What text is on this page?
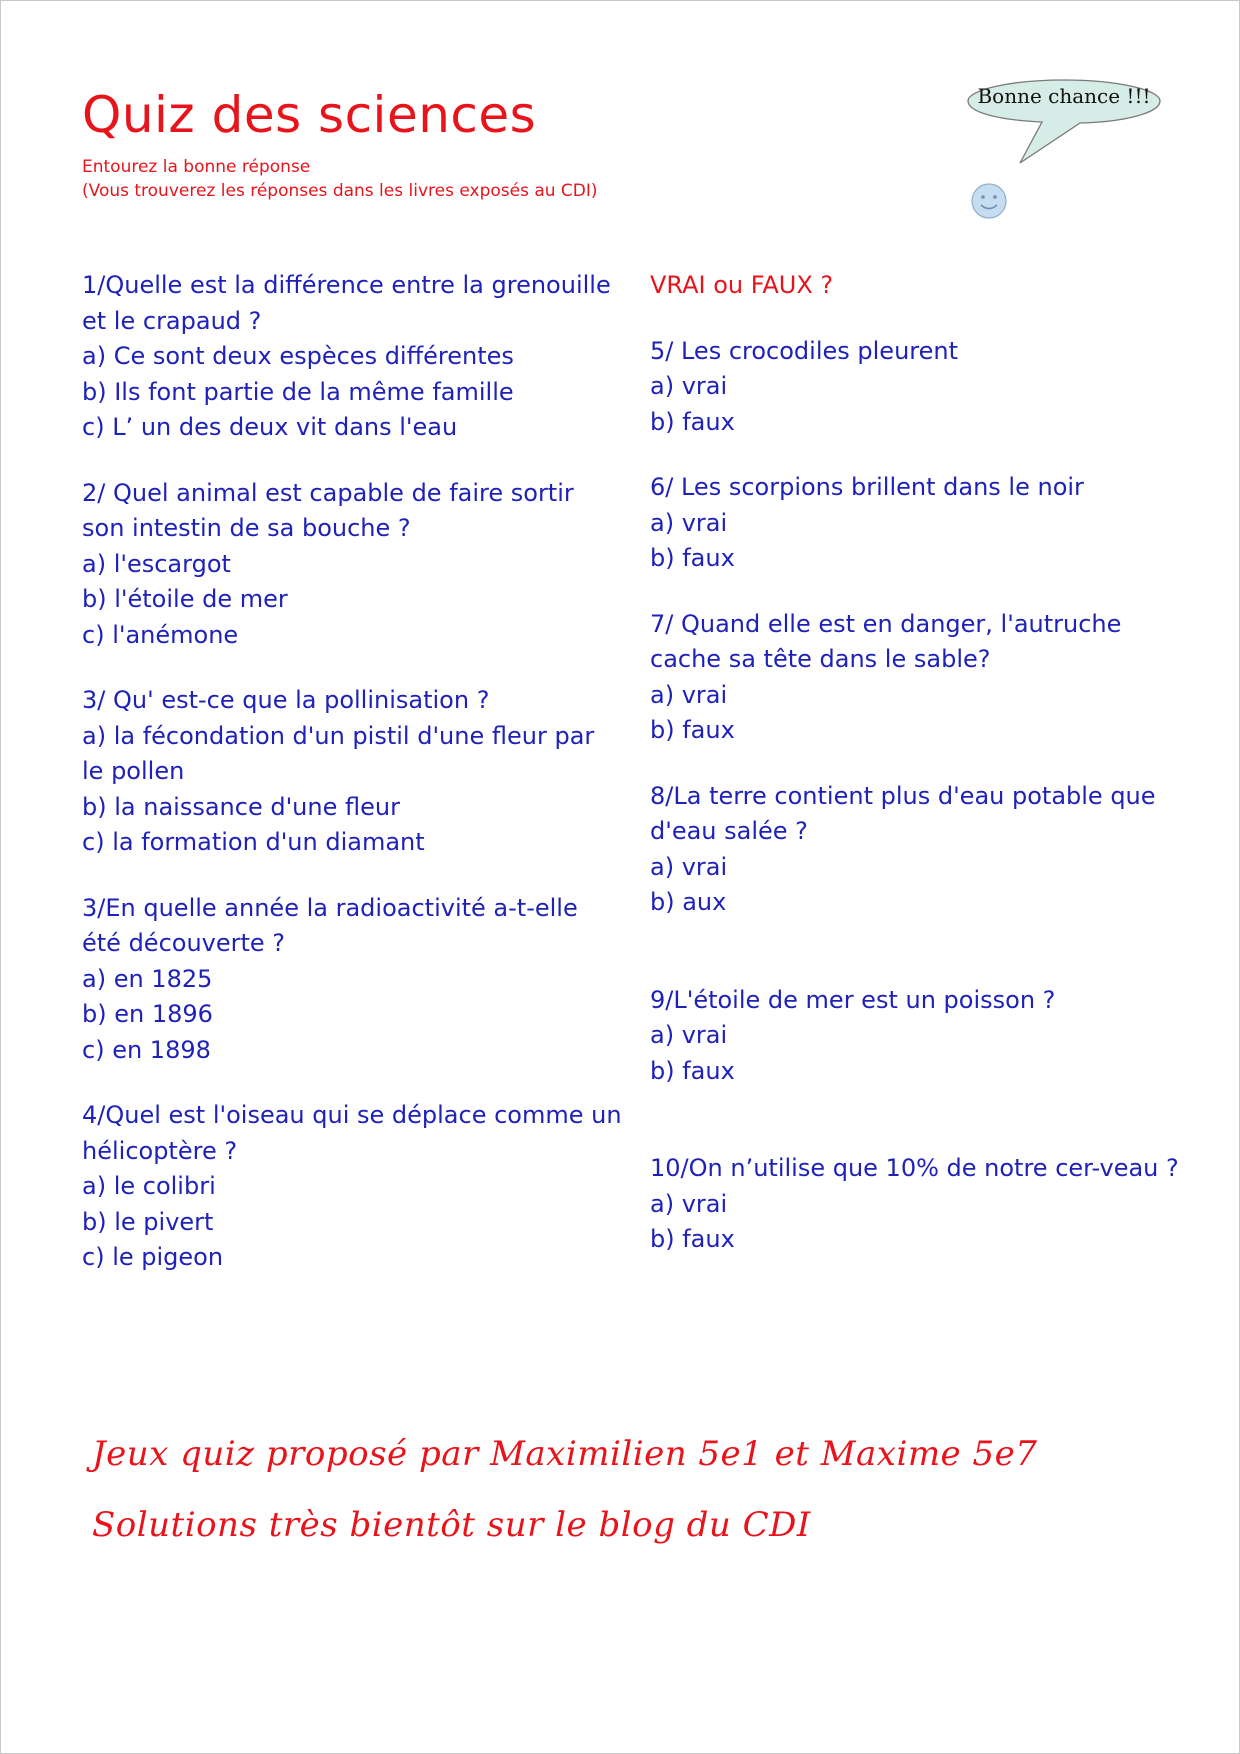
Quiz des sciences
Entourez la bonne réponse
(Vous trouverez les réponses dans les livres exposés au CDI)
Bonne chance !!!
1/Quelle est la différence entre la grenouille et le crapaud ?
a) Ce sont deux espèces différentes
b) Ils font partie de la même famille
c) L’ un des deux vit dans l'eau
2/ Quel animal est capable de faire sortir son intestin de sa bouche ?
a) l'escargot
b) l'étoile de mer
c) l'anémone
3/ Qu' est-ce que la pollinisation ?
a) la fécondation d'un pistil d'une fleur par le pollen
b) la naissance d'une fleur
c) la formation d'un diamant
3/En quelle année la radioactivité a-t-elle été découverte ?
a) en 1825
b) en 1896
c) en 1898
4/Quel est l'oiseau qui se déplace comme un hélicoptère ?
a) le colibri
b) le pivert
c) le pigeon
VRAI ou FAUX ?
5/ Les crocodiles pleurent
a) vrai
b) faux
6/ Les scorpions brillent dans le noir
a) vrai
b) faux
7/ Quand elle est en danger, l'autruche cache sa tête dans le sable?
a) vrai
b) faux
8/La terre contient plus d'eau potable que d'eau salée ?
a) vrai
b) aux
9/L'étoile de mer est un poisson ?
a) vrai
b) faux
10/On n’utilise que 10% de notre cer-veau ?
a) vrai
b) faux
Jeux quiz proposé par Maximilien 5e1 et Maxime 5e7
Solutions très bientôt sur le blog du CDI
